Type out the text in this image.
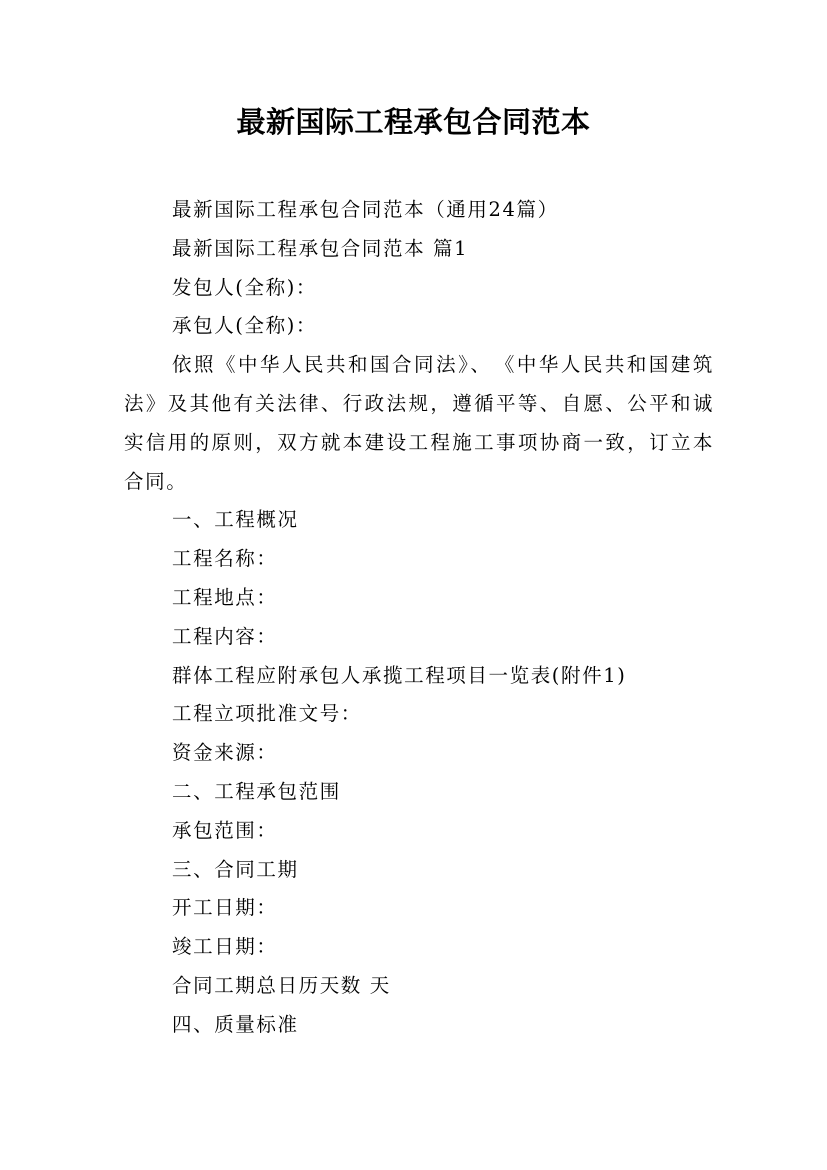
最新国际工程承包合同范本

最新国际工程承包合同范本（通用24篇）

最新国际工程承包合同范本 篇1

发包人(全称)：

承包人(全称)：

依照《中华人民共和国合同法》、　《中华人民共和国建筑法》及其他有关法律、行政法规，遵循平等、自愿、公平和诚实信用的原则，双方就本建设工程施工事项协商一致，订立本合同。

一、工程概况

工程名称：

工程地点：

工程内容：

群体工程应附承包人承揽工程项目一览表(附件1)

工程立项批准文号：

资金来源：

二、工程承包范围

承包范围：

三、合同工期

开工日期：

竣工日期：

合同工期总日历天数 天

四、质量标准
